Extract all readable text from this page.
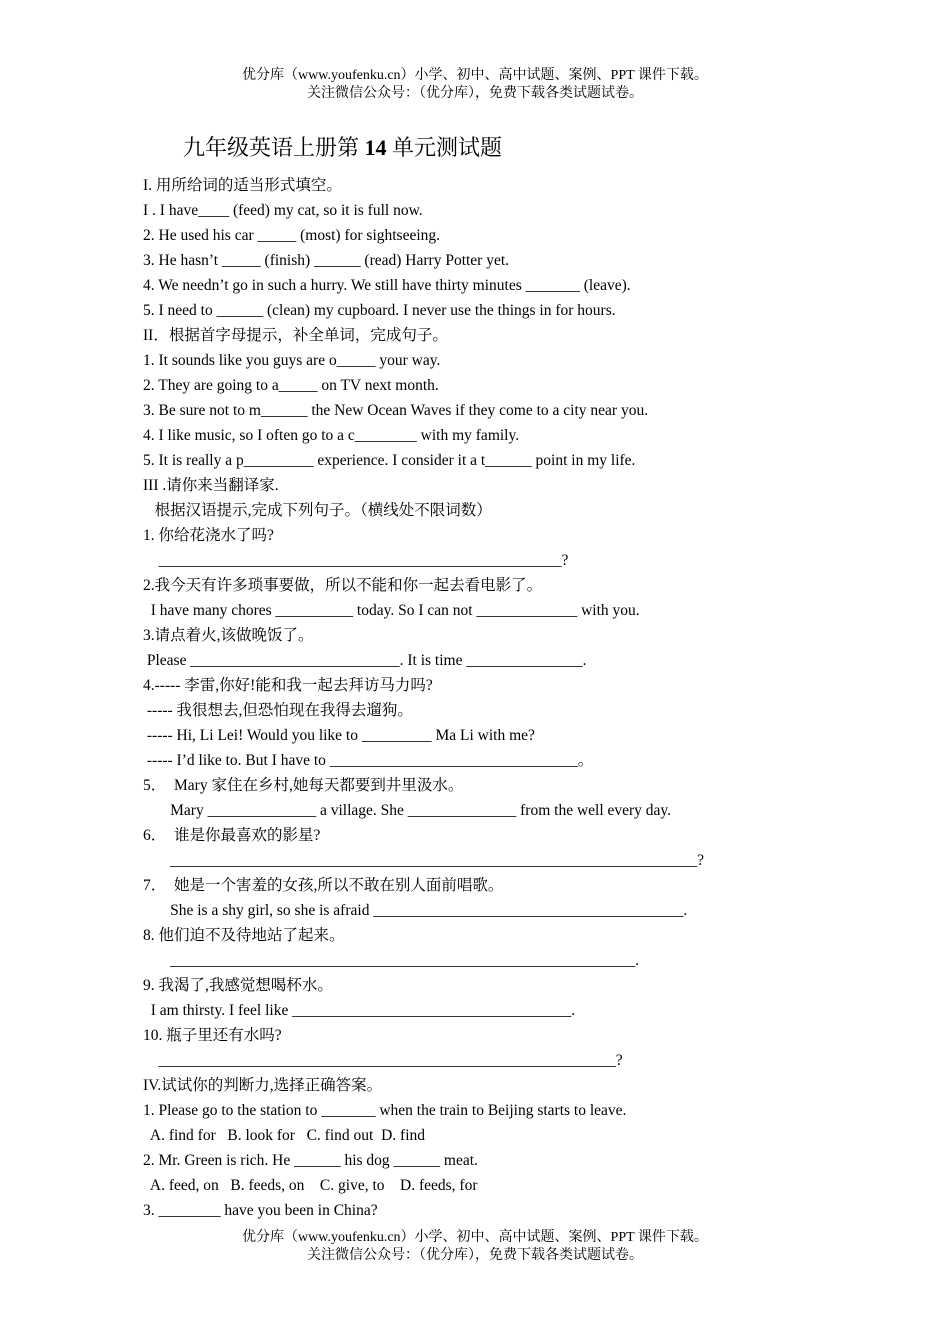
优分库（www.youfenku.cn）小学、初中、高中试题、案例、PPT 课件下载。
关注微信公众号：（优分库），免费下载各类试题试卷。
九年级英语上册第 14 单元测试题
I. 用所给词的适当形式填空。
I . I have____ (feed) my cat, so it is full now.
2. He used his car _____ (most) for sightseeing.
3. He hasn’t _____ (finish) ______ (read) Harry Potter yet.
4. We needn’t go in such a hurry. We still have thirty minutes _______ (leave).
5. I need to ______ (clean) my cupboard. I never use the things in for hours.
II．根据首字母提示，补全单词，完成句子。
1. It sounds like you guys are o_____ your way.
2. They are going to a_____ on TV next month.
3. Be sure not to m______ the New Ocean Waves if they come to a city near you.
4. I like music, so I often go to a c________ with my family.
5. It is really a p_________ experience. I consider it a t______ point in my life.
III .请你来当翻译家.
根据汉语提示,完成下列句子。（横线处不限词数）
1. 你给花浇水了吗?
____________________________________________________?
2.我今天有许多琐事要做，所以不能和你一起去看电影了。
I have many chores __________ today. So I can not _____________ with you.
3.请点着火,该做晚饭了。
Please ___________________________. It is time _______________.
4.----- 李雷,你好!能和我一起去拜访马力吗?
----- 我很想去,但恐怕现在我得去遛狗。
----- Hi, Li Lei! Would you like to _________ Ma Li with me?
----- I’d like to. But I have to ________________________________。
5．  Mary 家住在乡村,她每天都要到井里汲水。
Mary ______________ a village. She ______________ from the well every day.
6．  谁是你最喜欢的影星?
____________________________________________________________________?
7．  她是一个害羞的女孩,所以不敢在别人面前唱歌。
She is a shy girl, so she is afraid ________________________________________.
8. 他们迫不及待地站了起来。
____________________________________________________________.
9. 我渴了,我感觉想喝杯水。
I am thirsty. I feel like ____________________________________.
10. 瓶子里还有水吗?
___________________________________________________________?
IV.试试你的判断力,选择正确答案。
1. Please go to the station to _______ when the train to Beijing starts to leave.
A. find for   B. look for   C. find out  D. find
2. Mr. Green is rich. He ______ his dog ______ meat.
A. feed, on   B. feeds, on    C. give, to    D. feeds, for
3. ________ have you been in China?
优分库（www.youfenku.cn）小学、初中、高中试题、案例、PPT 课件下载。
关注微信公众号：（优分库），免费下载各类试题试卷。
